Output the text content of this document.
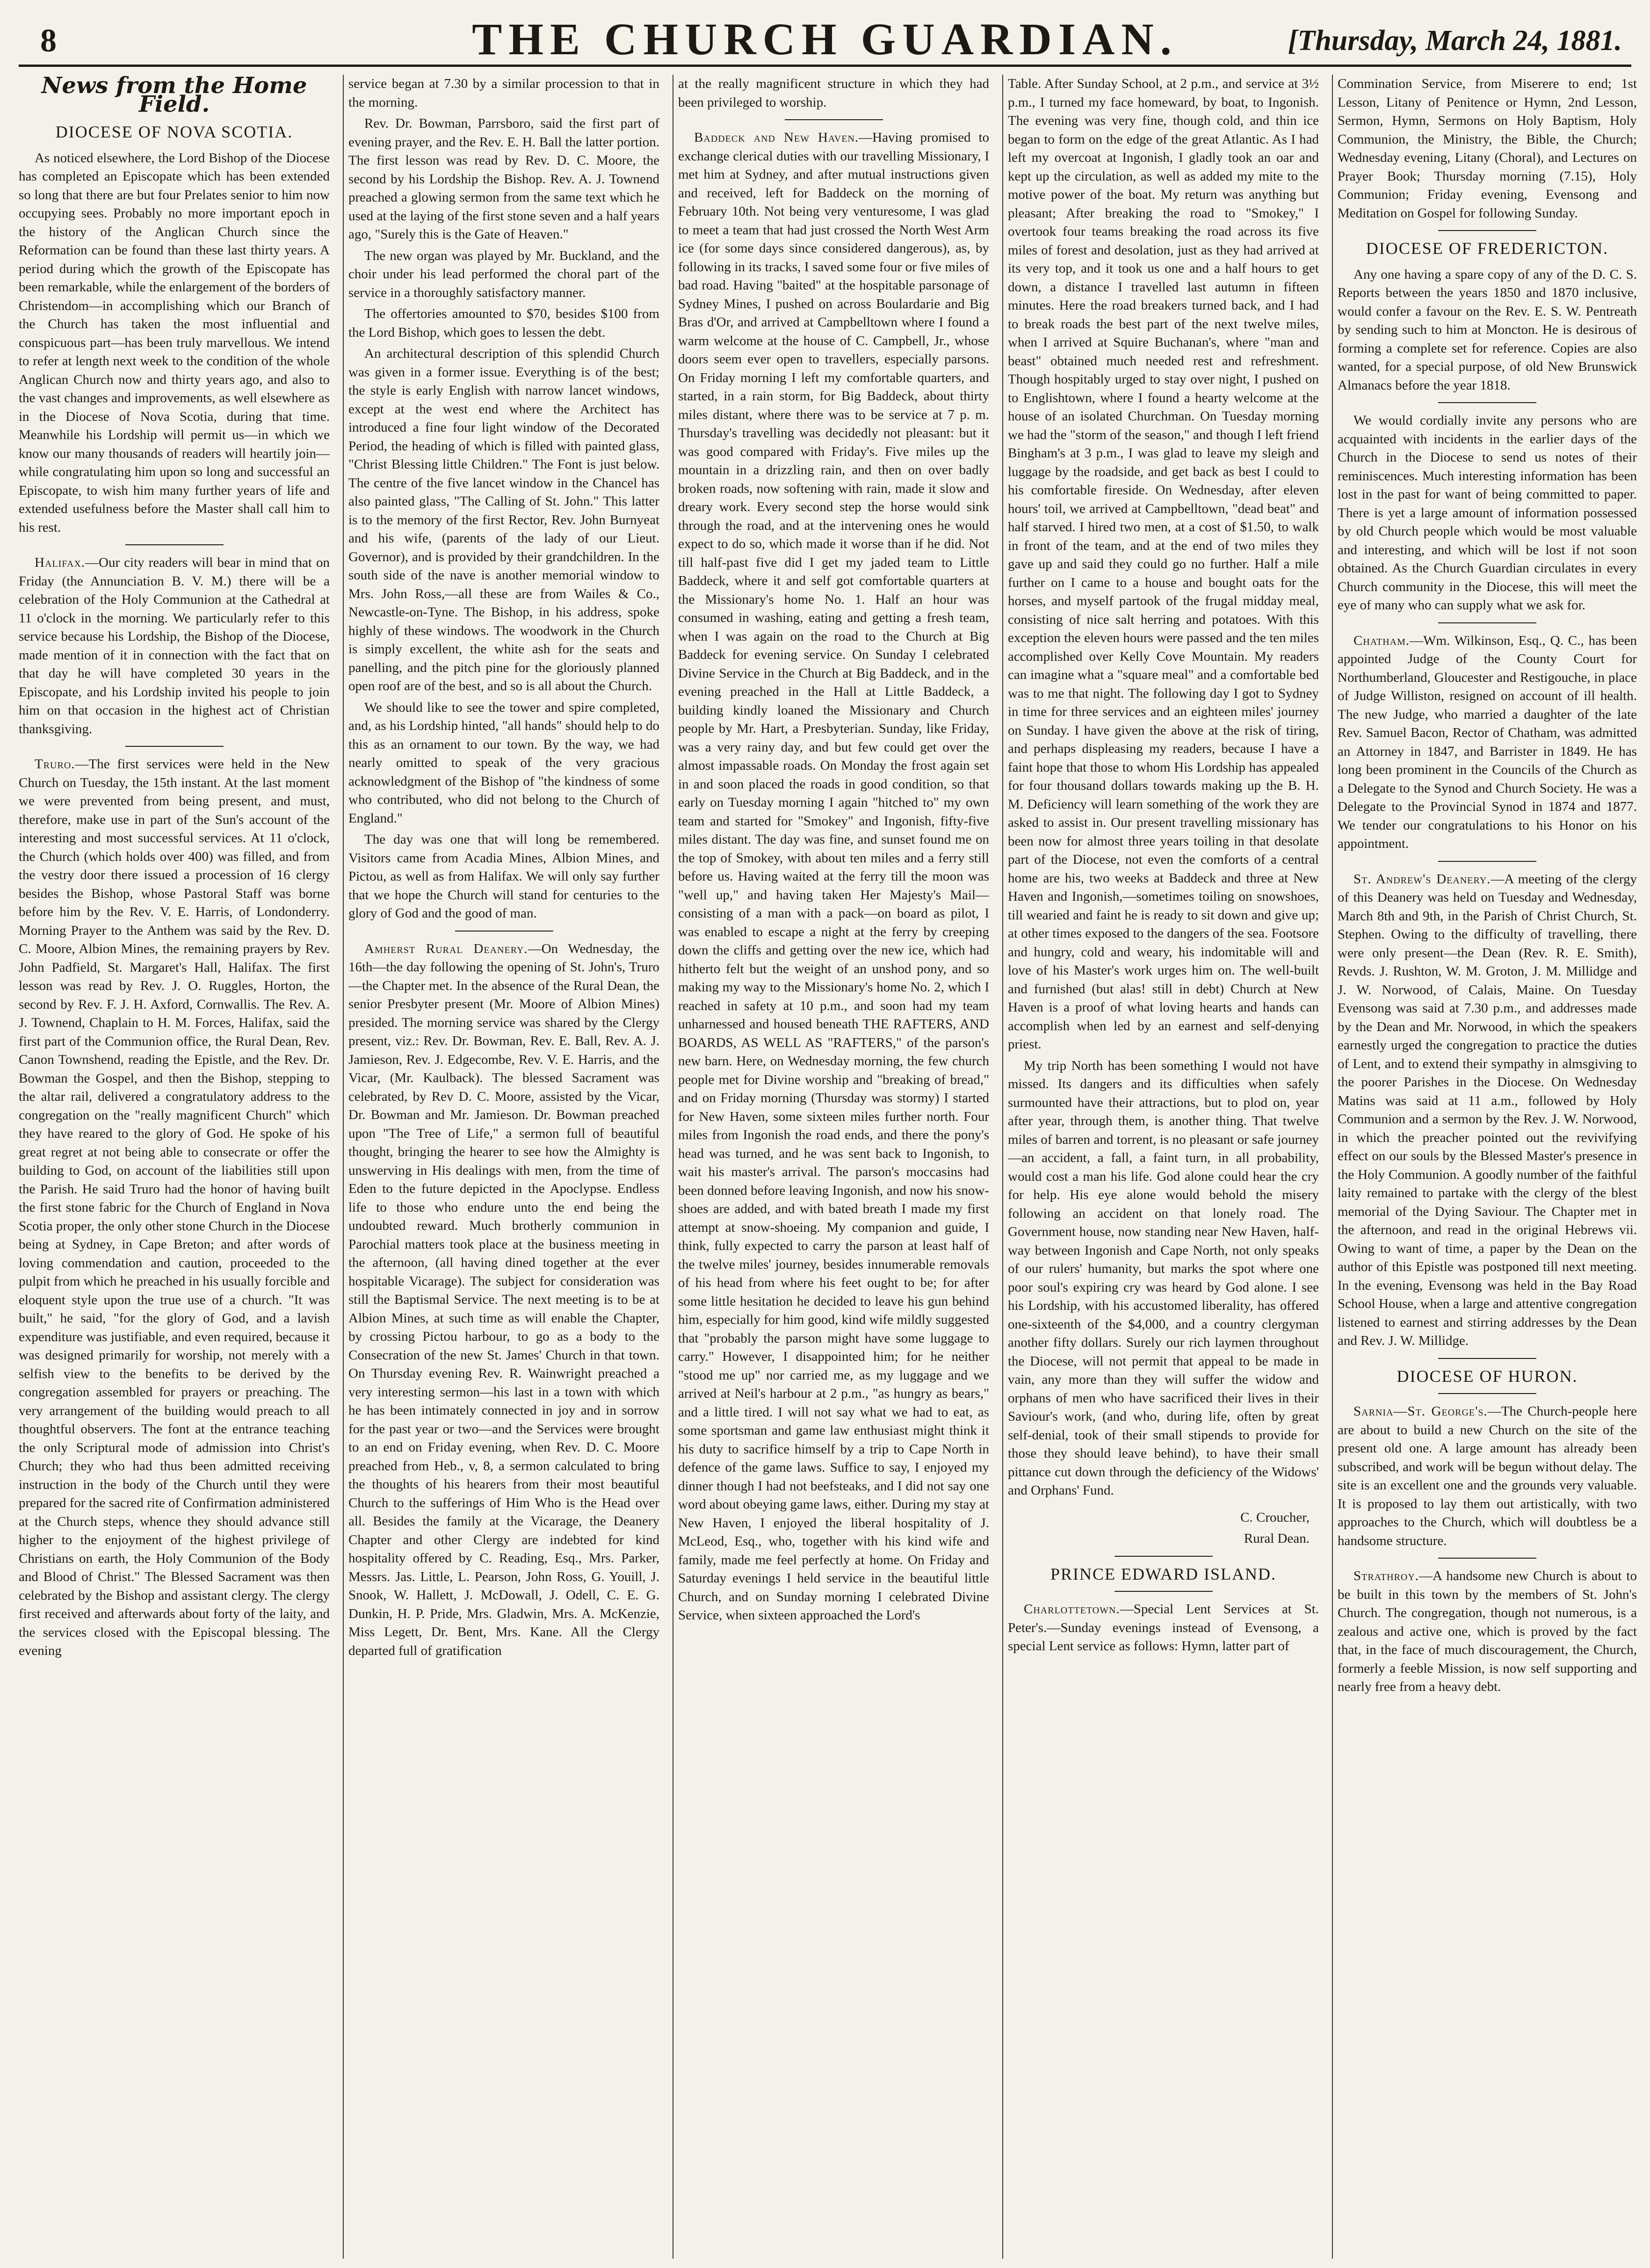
8	THE CHURCH GUARDIAN.	[Thursday, March 24, 1881.
News from the Home Field.
DIOCESE OF NOVA SCOTIA.

As noticed elsewhere, the Lord Bishop of the Diocese has completed an Episcopate which has been extended so long that there are but four Prelates senior to him now occupying sees. Probably no more important epoch in the history of the Anglican Church since the Reformation can be found than these last thirty years. A period during which the growth of the Episcopate has been remarkable, while the enlargement of the borders of Christendom—in accomplishing which our Branch of the Church has taken the most influential and conspicuous part—has been truly marvellous. We intend to refer at length next week to the condition of the whole Anglican Church now and thirty years ago, and also to the vast changes and improvements, as well elsewhere as in the Diocese of Nova Scotia, during that time. Meanwhile his Lordship will permit us—in which we know our many thousands of readers will heartily join—while congratulating him upon so long and successful an Episcopate, to wish him many further years of life and extended usefulness before the Master shall call him to his rest.

Halifax.—Our city readers will bear in mind that on Friday (the Annunciation B. V. M.) there will be a celebration of the Holy Communion at the Cathedral at 11 o'clock in the morning. We particularly refer to this service because his Lordship, the Bishop of the Diocese, made mention of it in connection with the fact that on that day he will have completed 30 years in the Episcopate, and his Lordship invited his people to join him on that occasion in the highest act of Christian thanksgiving.

Truro.—The first services were held in the New Church on Tuesday, the 15th instant. At the last moment we were prevented from being present, and must, therefore, make use in part of the Sun's account of the interesting and most successful services. At 11 o'clock, the Church (which holds over 400) was filled, and from the vestry door there issued a procession of 16 clergy besides the Bishop, whose Pastoral Staff was borne before him by the Rev. V. E. Harris, of Londonderry. Morning Prayer to the Anthem was said by the Rev. D. C. Moore, Albion Mines, the remaining prayers by Rev. John Padfield, St. Margaret's Hall, Halifax. The first lesson was read by Rev. J. O. Ruggles, Horton, the second by Rev. F. J. H. Axford, Cornwallis. The Rev. A. J. Townend, Chaplain to H. M. Forces, Halifax, said the first part of the Communion office, the Rural Dean, Rev. Canon Townshend, reading the Epistle, and the Rev. Dr. Bowman the Gospel, and then the Bishop, stepping to the altar rail, delivered a congratulatory address to the congregation on the "really magnificent Church" which they have reared to the glory of God. He spoke of his great regret at not being able to consecrate or offer the building to God, on account of the liabilities still upon the Parish. He said Truro had the honor of having built the first stone fabric for the Church of England in Nova Scotia proper, the only other stone Church in the Diocese being at Sydney, in Cape Breton; and after words of loving commendation and caution, proceeded to the pulpit from which he preached in his usually forcible and eloquent style upon the true use of a church. "It was built," he said, "for the glory of God, and a lavish expenditure was justifiable, and even required, because it was designed primarily for worship, not merely with a selfish view to the benefits to be derived by the congregation assembled for prayers or preaching. The very arrangement of the building would preach to all thoughtful observers. The font at the entrance teaching the only Scriptural mode of admission into Christ's Church; they who had thus been admitted receiving instruction in the body of the Church until they were prepared for the sacred rite of Confirmation administered at the Church steps, whence they should advance still higher to the enjoyment of the highest privilege of Christians on earth, the Holy Communion of the Body and Blood of Christ." The Blessed Sacrament was then celebrated by the Bishop and assistant clergy. The clergy first received and afterwards about forty of the laity, and the services closed with the Episcopal blessing. The evening

service began at 7.30 by a similar procession to that in the morning.

Rev. Dr. Bowman, Parrsboro, said the first part of evening prayer, and the Rev. E. H. Ball the latter portion. The first lesson was read by Rev. D. C. Moore, the second by his Lordship the Bishop. Rev. A. J. Townend preached a glowing sermon from the same text which he used at the laying of the first stone seven and a half years ago, "Surely this is the Gate of Heaven."

The new organ was played by Mr. Buckland, and the choir under his lead performed the choral part of the service in a thoroughly satisfactory manner.

The offertories amounted to $70, besides $100 from the Lord Bishop, which goes to lessen the debt.

An architectural description of this splendid Church was given in a former issue. Everything is of the best; the style is early English with narrow lancet windows, except at the west end where the Architect has introduced a fine four light window of the Decorated Period, the heading of which is filled with painted glass, "Christ Blessing little Children." The Font is just below. The centre of the five lancet window in the Chancel has also painted glass, "The Calling of St. John." This latter is to the memory of the first Rector, Rev. John Burnyeat and his wife, (parents of the lady of our Lieut. Governor), and is provided by their grandchildren. In the south side of the nave is another memorial window to Mrs. John Ross,—all these are from Wailes & Co., Newcastle-on-Tyne. The Bishop, in his address, spoke highly of these windows. The woodwork in the Church is simply excellent, the white ash for the seats and panelling, and the pitch pine for the gloriously planned open roof are of the best, and so is all about the Church.

We should like to see the tower and spire completed, and, as his Lordship hinted, "all hands" should help to do this as an ornament to our town. By the way, we had nearly omitted to speak of the very gracious acknowledgment of the Bishop of "the kindness of some who contributed, who did not belong to the Church of England."

The day was one that will long be remembered. Visitors came from Acadia Mines, Albion Mines, and Pictou, as well as from Halifax. We will only say further that we hope the Church will stand for centuries to the glory of God and the good of man.

Amherst Rural Deanery.—On Wednesday, the 16th—the day following the opening of St. John's, Truro—the Chapter met. In the absence of the Rural Dean, the senior Presbyter present (Mr. Moore of Albion Mines) presided. The morning service was shared by the Clergy present, viz.: Rev. Dr. Bowman, Rev. E. Ball, Rev. A. J. Jamieson, Rev. J. Edgecombe, Rev. V. E. Harris, and the Vicar, (Mr. Kaulback). The blessed Sacrament was celebrated, by Rev D. C. Moore, assisted by the Vicar, Dr. Bowman and Mr. Jamieson. Dr. Bowman preached upon "The Tree of Life," a sermon full of beautiful thought, bringing the hearer to see how the Almighty is unswerving in His dealings with men, from the time of Eden to the future depicted in the Apoclypse. Endless life to those who endure unto the end being the undoubted reward. Much brotherly communion in Parochial matters took place at the business meeting in the afternoon, (all having dined together at the ever hospitable Vicarage). The subject for consideration was still the Baptismal Service. The next meeting is to be at Albion Mines, at such time as will enable the Chapter, by crossing Pictou harbour, to go as a body to the Consecration of the new St. James' Church in that town. On Thursday evening Rev. R. Wainwright preached a very interesting sermon—his last in a town with which he has been intimately connected in joy and in sorrow for the past year or two—and the Services were brought to an end on Friday evening, when Rev. D. C. Moore preached from Heb., v, 8, a sermon calculated to bring the thoughts of his hearers from their most beautiful Church to the sufferings of Him Who is the Head over all. Besides the family at the Vicarage, the Deanery Chapter and other Clergy are indebted for kind hospitality offered by C. Reading, Esq., Mrs. Parker, Messrs. Jas. Little, L. Pearson, John Ross, G. Youill, J. Snook, W. Hallett, J. McDowall, J. Odell, C. E. G. Dunkin, H. P. Pride, Mrs. Gladwin, Mrs. A. McKenzie, Miss Legett, Dr. Bent, Mrs. Kane. All the Clergy departed full of gratification

at the really magnificent structure in which they had been privileged to worship.

Baddeck and New Haven.—Having promised to exchange clerical duties with our travelling Missionary, I met him at Sydney, and after mutual instructions given and received, left for Baddeck on the morning of February 10th. Not being very venturesome, I was glad to meet a team that had just crossed the North West Arm ice (for some days since considered dangerous), as, by following in its tracks, I saved some four or five miles of bad road. Having "baited" at the hospitable parsonage of Sydney Mines, I pushed on across Boulardarie and Big Bras d'Or, and arrived at Campbelltown where I found a warm welcome at the house of C. Campbell, Jr., whose doors seem ever open to travellers, especially parsons. On Friday morning I left my comfortable quarters, and started, in a rain storm, for Big Baddeck, about thirty miles distant, where there was to be service at 7 p. m. Thursday's travelling was decidedly not pleasant: but it was good compared with Friday's. Five miles up the mountain in a drizzling rain, and then on over badly broken roads, now softening with rain, made it slow and dreary work. Every second step the horse would sink through the road, and at the intervening ones he would expect to do so, which made it worse than if he did. Not till half-past five did I get my jaded team to Little Baddeck, where it and self got comfortable quarters at the Missionary's home No. 1. Half an hour was consumed in washing, eating and getting a fresh team, when I was again on the road to the Church at Big Baddeck for evening service. On Sunday I celebrated Divine Service in the Church at Big Baddeck, and in the evening preached in the Hall at Little Baddeck, a building kindly loaned the Missionary and Church people by Mr. Hart, a Presbyterian. Sunday, like Friday, was a very rainy day, and but few could get over the almost impassable roads. On Monday the frost again set in and soon placed the roads in good condition, so that early on Tuesday morning I again "hitched to" my own team and started for "Smokey" and Ingonish, fifty-five miles distant. The day was fine, and sunset found me on the top of Smokey, with about ten miles and a ferry still before us. Having waited at the ferry till the moon was "well up," and having taken Her Majesty's Mail—consisting of a man with a pack—on board as pilot, I was enabled to escape a night at the ferry by creeping down the cliffs and getting over the new ice, which had hitherto felt but the weight of an unshod pony, and so making my way to the Missionary's home No. 2, which I reached in safety at 10 p.m., and soon had my team unharnessed and housed beneath THE RAFTERS, AND BOARDS, AS WELL AS "RAFTERS," of the parson's new barn. Here, on Wednesday morning, the few church people met for Divine worship and "breaking of bread," and on Friday morning (Thursday was stormy) I started for New Haven, some sixteen miles further north. Four miles from Ingonish the road ends, and there the pony's head was turned, and he was sent back to Ingonish, to wait his master's arrival. The parson's moccasins had been donned before leaving Ingonish, and now his snow-shoes are added, and with bated breath I made my first attempt at snow-shoeing. My companion and guide, I think, fully expected to carry the parson at least half of the twelve miles' journey, besides innumerable removals of his head from where his feet ought to be; for after some little hesitation he decided to leave his gun behind him, especially for him good, kind wife mildly suggested that "probably the parson might have some luggage to carry." However, I disappointed him; for he neither "stood me up" nor carried me, as my luggage and we arrived at Neil's harbour at 2 p.m., "as hungry as bears," and a little tired. I will not say what we had to eat, as some sportsman and game law enthusiast might think it his duty to sacrifice himself by a trip to Cape North in defence of the game laws. Suffice to say, I enjoyed my dinner though I had not beefsteaks, and I did not say one word about obeying game laws, either. During my stay at New Haven, I enjoyed the liberal hospitality of J. McLeod, Esq., who, together with his kind wife and family, made me feel perfectly at home. On Friday and Saturday evenings I held service in the beautiful little Church, and on Sunday morning I celebrated Divine Service, when sixteen approached the Lord's

Table. After Sunday School, at 2 p.m., and service at 3½ p.m., I turned my face homeward, by boat, to Ingonish. The evening was very fine, though cold, and thin ice began to form on the edge of the great Atlantic. As I had left my overcoat at Ingonish, I gladly took an oar and kept up the circulation, as well as added my mite to the motive power of the boat. My return was anything but pleasant; After breaking the road to "Smokey," I overtook four teams breaking the road across its five miles of forest and desolation, just as they had arrived at its very top, and it took us one and a half hours to get down, a distance I travelled last autumn in fifteen minutes. Here the road breakers turned back, and I had to break roads the best part of the next twelve miles, when I arrived at Squire Buchanan's, where "man and beast" obtained much needed rest and refreshment. Though hospitably urged to stay over night, I pushed on to Englishtown, where I found a hearty welcome at the house of an isolated Churchman. On Tuesday morning we had the "storm of the season," and though I left friend Bingham's at 3 p.m., I was glad to leave my sleigh and luggage by the roadside, and get back as best I could to his comfortable fireside. On Wednesday, after eleven hours' toil, we arrived at Campbelltown, "dead beat" and half starved. I hired two men, at a cost of $1.50, to walk in front of the team, and at the end of two miles they gave up and said they could go no further. Half a mile further on I came to a house and bought oats for the horses, and myself partook of the frugal midday meal, consisting of nice salt herring and potatoes. With this exception the eleven hours were passed and the ten miles accomplished over Kelly Cove Mountain. My readers can imagine what a "square meal" and a comfortable bed was to me that night. The following day I got to Sydney in time for three services and an eighteen miles' journey on Sunday. I have given the above at the risk of tiring, and perhaps displeasing my readers, because I have a faint hope that those to whom His Lordship has appealed for four thousand dollars towards making up the B. H. M. Deficiency will learn something of the work they are asked to assist in. Our present travelling missionary has been now for almost three years toiling in that desolate part of the Diocese, not even the comforts of a central home are his, two weeks at Baddeck and three at New Haven and Ingonish,—sometimes toiling on snowshoes, till wearied and faint he is ready to sit down and give up; at other times exposed to the dangers of the sea. Footsore and hungry, cold and weary, his indomitable will and love of his Master's work urges him on. The well-built and furnished (but alas! still in debt) Church at New Haven is a proof of what loving hearts and hands can accomplish when led by an earnest and self-denying priest.

My trip North has been something I would not have missed. Its dangers and its difficulties when safely surmounted have their attractions, but to plod on, year after year, through them, is another thing. That twelve miles of barren and torrent, is no pleasant or safe journey—an accident, a fall, a faint turn, in all probability, would cost a man his life. God alone could hear the cry for help. His eye alone would behold the misery following an accident on that lonely road. The Government house, now standing near New Haven, half-way between Ingonish and Cape North, not only speaks of our rulers' humanity, but marks the spot where one poor soul's expiring cry was heard by God alone. I see his Lordship, with his accustomed liberality, has offered one-sixteenth of the $4,000, and a country clergyman another fifty dollars. Surely our rich laymen throughout the Diocese, will not permit that appeal to be made in vain, any more than they will suffer the widow and orphans of men who have sacrificed their lives in their Saviour's work, (and who, during life, often by great self-denial, took of their small stipends to provide for those they should leave behind), to have their small pittance cut down through the deficiency of the Widows' and Orphans' Fund.

C. Croucher,
Rural Dean.
PRINCE EDWARD ISLAND.

Charlottetown.—Special Lent Services at St. Peter's.—Sunday evenings instead of Evensong, a special Lent service as follows: Hymn, latter part of

Commination Service, from Miserere to end; 1st Lesson, Litany of Penitence or Hymn, 2nd Lesson, Sermon, Hymn, Sermons on Holy Baptism, Holy Communion, the Ministry, the Bible, the Church; Wednesday evening, Litany (Choral), and Lectures on Prayer Book; Thursday morning (7.15), Holy Communion; Friday evening, Evensong and Meditation on Gospel for following Sunday.

DIOCESE OF FREDERICTON.

Any one having a spare copy of any of the D. C. S. Reports between the years 1850 and 1870 inclusive, would confer a favour on the Rev. E. S. W. Pentreath by sending such to him at Moncton. He is desirous of forming a complete set for reference. Copies are also wanted, for a special purpose, of old New Brunswick Almanacs before the year 1818.

We would cordially invite any persons who are acquainted with incidents in the earlier days of the Church in the Diocese to send us notes of their reminiscences. Much interesting information has been lost in the past for want of being committed to paper. There is yet a large amount of information possessed by old Church people which would be most valuable and interesting, and which will be lost if not soon obtained. As the Church Guardian circulates in every Church community in the Diocese, this will meet the eye of many who can supply what we ask for.

Chatham.—Wm. Wilkinson, Esq., Q. C., has been appointed Judge of the County Court for Northumberland, Gloucester and Restigouche, in place of Judge Williston, resigned on account of ill health. The new Judge, who married a daughter of the late Rev. Samuel Bacon, Rector of Chatham, was admitted an Attorney in 1847, and Barrister in 1849. He has long been prominent in the Councils of the Church as a Delegate to the Synod and Church Society. He was a Delegate to the Provincial Synod in 1874 and 1877. We tender our congratulations to his Honor on his appointment.

St. Andrew's Deanery.—A meeting of the clergy of this Deanery was held on Tuesday and Wednesday, March 8th and 9th, in the Parish of Christ Church, St. Stephen. Owing to the difficulty of travelling, there were only present—the Dean (Rev. R. E. Smith), Revds. J. Rushton, W. M. Groton, J. M. Millidge and J. W. Norwood, of Calais, Maine. On Tuesday Evensong was said at 7.30 p.m., and addresses made by the Dean and Mr. Norwood, in which the speakers earnestly urged the congregation to practice the duties of Lent, and to extend their sympathy in almsgiving to the poorer Parishes in the Diocese. On Wednesday Matins was said at 11 a.m., followed by Holy Communion and a sermon by the Rev. J. W. Norwood, in which the preacher pointed out the revivifying effect on our souls by the Blessed Master's presence in the Holy Communion. A goodly number of the faithful laity remained to partake with the clergy of the blest memorial of the Dying Saviour. The Chapter met in the afternoon, and read in the original Hebrews vii. Owing to want of time, a paper by the Dean on the author of this Epistle was postponed till next meeting. In the evening, Evensong was held in the Bay Road School House, when a large and attentive congregation listened to earnest and stirring addresses by the Dean and Rev. J. W. Millidge.

DIOCESE OF HURON.

Sarnia—St. George's.—The Church-people here are about to build a new Church on the site of the present old one. A large amount has already been subscribed, and work will be begun without delay. The site is an excellent one and the grounds very valuable. It is proposed to lay them out artistically, with two approaches to the Church, which will doubtless be a handsome structure.

Strathroy.—A handsome new Church is about to be built in this town by the members of St. John's Church. The congregation, though not numerous, is a zealous and active one, which is proved by the fact that, in the face of much discouragement, the Church, formerly a feeble Mission, is now self supporting and nearly free from a heavy debt.
